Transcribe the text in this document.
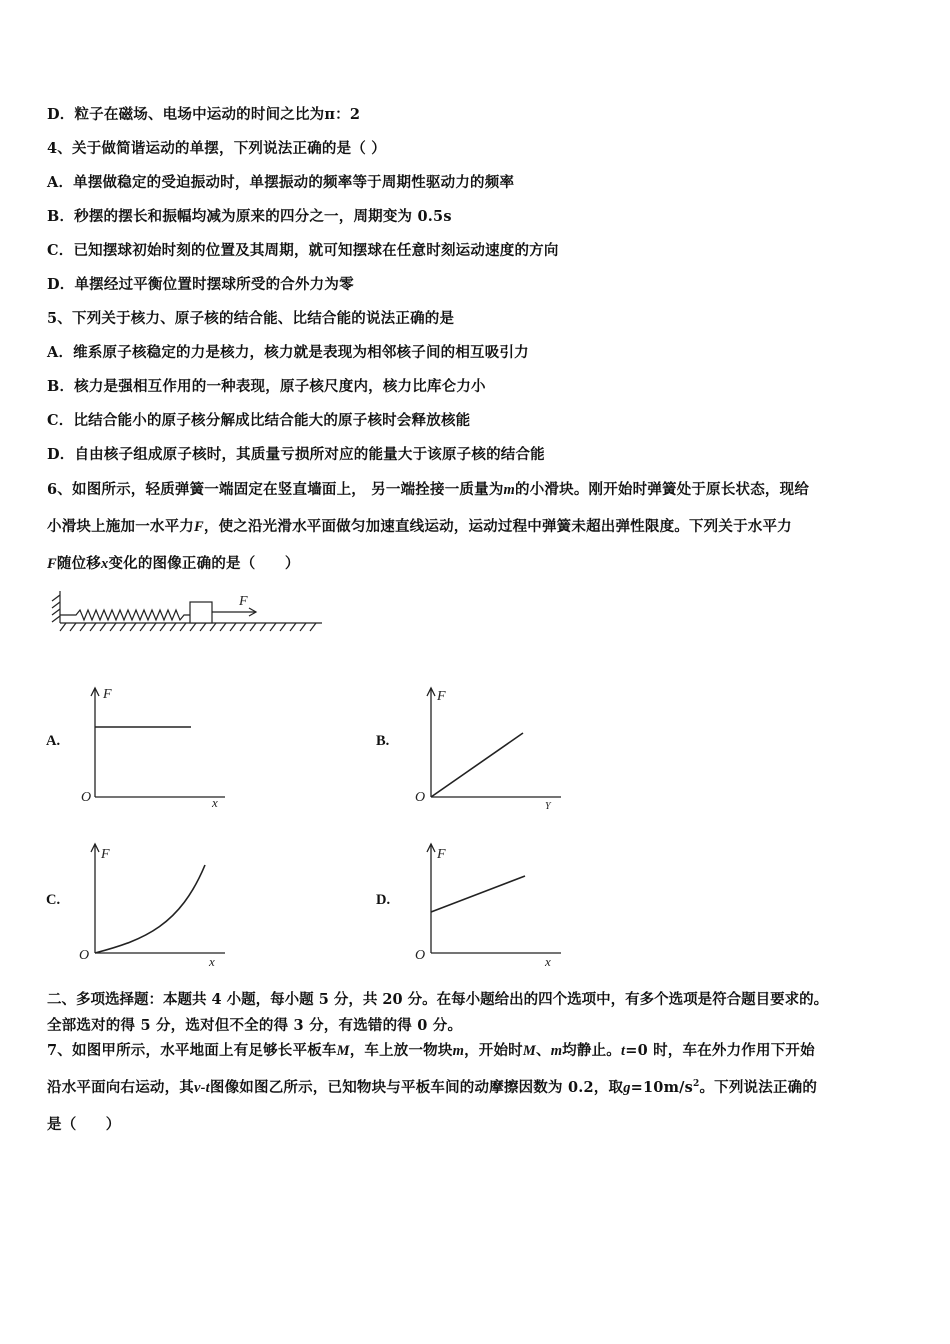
D．粒子在磁场、电场中运动的时间之比为π：2
4、关于做简谐运动的单摆，下列说法正确的是（ ）
A．单摆做稳定的受迫振动时，单摆振动的频率等于周期性驱动力的频率
B．秒摆的摆长和振幅均减为原来的四分之一，周期变为 0.5s
C．已知摆球初始时刻的位置及其周期，就可知摆球在任意时刻运动速度的方向
D．单摆经过平衡位置时摆球所受的合外力为零
5、下列关于核力、原子核的结合能、比结合能的说法正确的是
A．维系原子核稳定的力是核力，核力就是表现为相邻核子间的相互吸引力
B．核力是强相互作用的一种表现，原子核尺度内，核力比库仑力小
C．比结合能小的原子核分解成比结合能大的原子核时会释放核能
D．自由核子组成原子核时，其质量亏损所对应的能量大于该原子核的结合能
6、如图所示，轻质弹簧一端固定在竖直墙面上， 另一端拴接一质量为m的小滑块。刚开始时弹簧处于原长状态，现给
小滑块上施加一水平力F，使之沿光滑水平面做匀加速直线运动，运动过程中弹簧未超出弹性限度。下列关于水平力
F随位移x变化的图像正确的是（　　）
F
A.
F
O	x
B.
F
O
Y
C.
F
O	x
D.
F
O	x
二、多项选择题：本题共 4 小题，每小题 5 分，共 20 分。在每小题给出的四个选项中，有多个选项是符合题目要求的。
全部选对的得 5 分，选对但不全的得 3 分，有选错的得 0 分。
7、如图甲所示，水平地面上有足够长平板车M，车上放一物块m，开始时M、m均静止。t=0 时，车在外力作用下开始
沿水平面向右运动，其v-t图像如图乙所示，已知物块与平板车间的动摩擦因数为 0.2，取$g=10m/s^2$。下列说法正确的
是（　　）
